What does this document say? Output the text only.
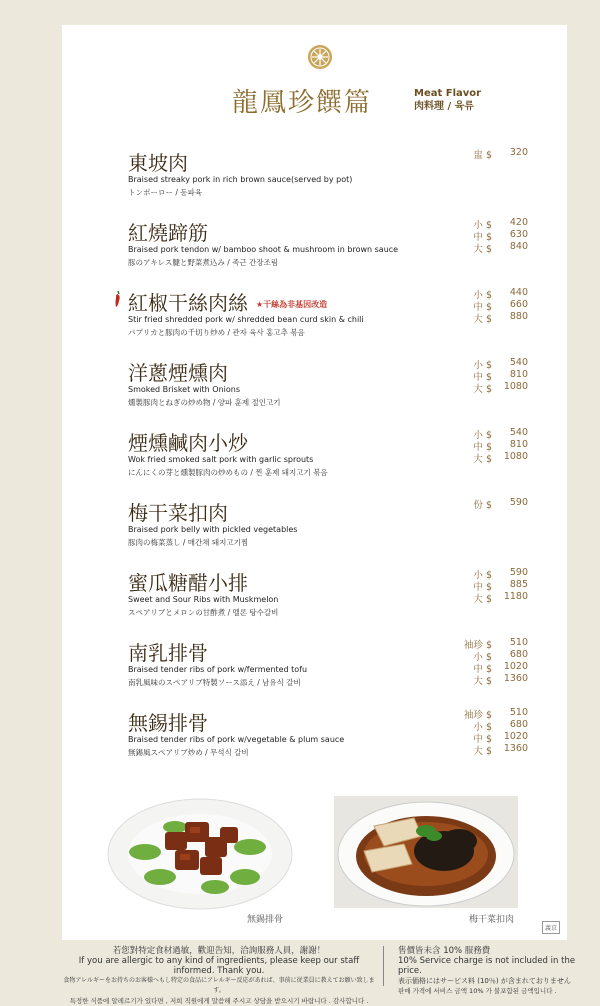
龍鳳珍饌篇	Meat Flavor
肉料理 / 육류
東坡肉
Braised streaky pork in rich brown sauce(served by pot)
トンポーロー / 동파육
盅 $	320
紅燒蹄筋
Braised pork tendon w/ bamboo shoot & mushroom in brown sauce
豚のアキレス腱と野菜煮込み / 족근 간장조림
小 $	420
中 $	630
大 $	840
紅椒干絲肉絲 ★干絲為非基因改造
Stir fried shredded pork w/ shredded bean curd skin & chili
パプリカと豚肉の千切り炒め / 관자 육사 홍고추 볶음
小 $	440
中 $	660
大 $	880
洋蔥煙燻肉
Smoked Brisket with Onions
燻製豚肉とねぎの炒め物 / 양파 훈제 절인고기
小 $	540
中 $	810
大 $	1080
煙燻鹹肉小炒
Wok fried smoked salt pork with garlic sprouts
にんにくの芽と燻製豚肉の炒めもの / 찐 훈제 돼지고기 볶음
小 $	540
中 $	810
大 $	1080
梅干菜扣肉
Braised pork belly with pickled vegetables
豚肉の梅菜蒸し / 매간채 돼지고기찜
份 $	590
蜜瓜糖醋小排
Sweet and Sour Ribs with Muskmelon
スペアリブとメロンの甘酢煮 / 멜론 탕수갈비
小 $	590
中 $	885
大 $	1180
南乳排骨
Braised tender ribs of pork w/fermented tofu
南乳風味のスペアリブ特製ソース添え / 남유식 갈비
袖珍 $	510
小 $	680
中 $	1020
大 $	1360
無錫排骨
Braised tender ribs of pork w/vegetable & plum sauce
無錫風スペアリブ炒め / 무석식 갈비
袖珍 $	510
小 $	680
中 $	1020
大 $	1360
無錫排骨	梅干菜扣肉
義京
若您對特定食材過敏，歡迎告知，洽詢服務人員，謝謝！
If you are allergic to any kind of ingredients, please keep our staff informed. Thank you.
食物アレルギーをお持ちのお客様へもし特定の食品にアレルギー反応があれば、事前に従業員に教えてお願い致します。
특정한 식품에 알레르기가 있다면 , 저희 직원에게 말씀해 주시고 상담을 받으시기 바랍니다 . 감사합니다 .
售價皆未含 10% 服務費
10% Service charge is not included in the price.
表示価格にはサービス料 (10％) が含まれておりません
판매 가격에 서비스 금액 10% 가 불포함된 금액입니다 .
